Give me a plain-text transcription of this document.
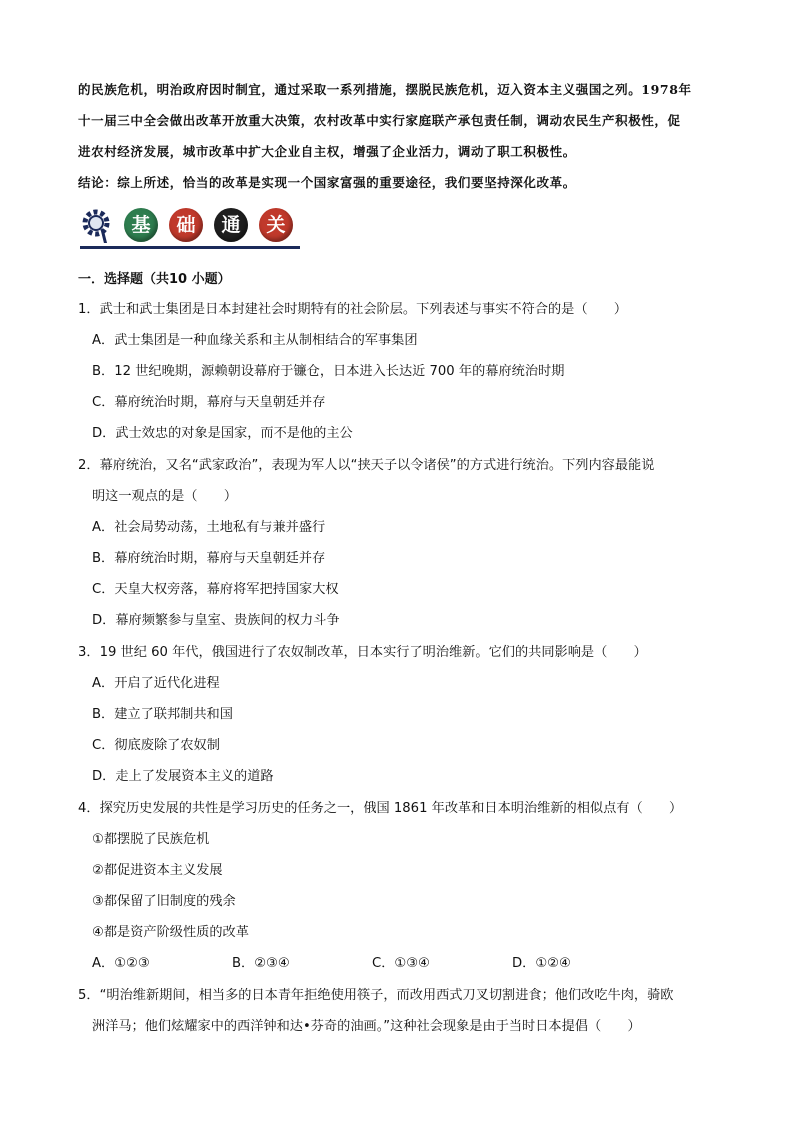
的民族危机，明治政府因时制宜，通过采取一系列措施，摆脱民族危机，迈入资本主义强国之列。1978年

十一届三中全会做出改革开放重大决策，农村改革中实行家庭联产承包责任制，调动农民生产积极性，促

进农村经济发展，城市改革中扩大企业自主权，增强了企业活力，调动了职工积极性。

结论：综上所述，恰当的改革是实现一个国家富强的重要途径，我们要坚持深化改革。

基	础	通	关
一．选择题（共10 小题）

1．武士和武士集团是日本封建社会时期特有的社会阶层。下列表述与事实不符合的是（　　）

A．武士集团是一种血缘关系和主从制相结合的军事集团

B．12 世纪晚期，源赖朝设幕府于镰仓，日本进入长达近 700 年的幕府统治时期

C．幕府统治时期，幕府与天皇朝廷并存

D．武士效忠的对象是国家，而不是他的主公

2．幕府统治，又名“武家政治”，表现为军人以“挟天子以令诸侯”的方式进行统治。下列内容最能说

明这一观点的是（　　）

A．社会局势动荡，土地私有与兼并盛行

B．幕府统治时期，幕府与天皇朝廷并存

C．天皇大权旁落，幕府将军把持国家大权

D．幕府频繁参与皇室、贵族间的权力斗争

3．19 世纪 60 年代，俄国进行了农奴制改革，日本实行了明治维新。它们的共同影响是（　　）

A．开启了近代化进程

B．建立了联邦制共和国

C．彻底废除了农奴制

D．走上了发展资本主义的道路

4．探究历史发展的共性是学习历史的任务之一，俄国 1861 年改革和日本明治维新的相似点有（　　）

①都摆脱了民族危机

②都促进资本主义发展

③都保留了旧制度的残余

④都是资产阶级性质的改革

A．①②③	B．②③④	C．①③④	D．①②④

5．“明治维新期间，相当多的日本青年拒绝使用筷子，而改用西式刀叉切割进食；他们改吃牛肉，骑欧

洲洋马；他们炫耀家中的西洋钟和达•芬奇的油画。”这种社会现象是由于当时日本提倡（　　）
